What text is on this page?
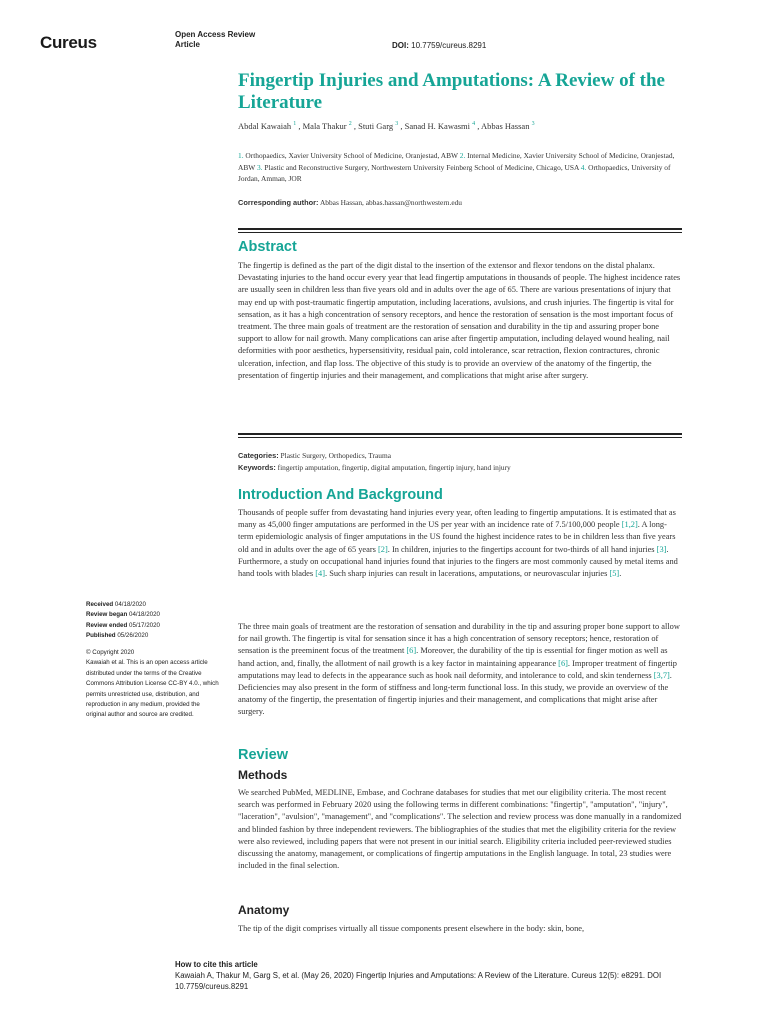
Cureus	Open Access Review
Article	DOI: 10.7759/cureus.8291
Fingertip Injuries and Amputations: A Review of the Literature
Abdal Kawaiah $^1$ , Mala Thakur $^2$ , Stuti Garg $^3$ , Sanad H. Kawasmi $^4$ , Abbas Hassan $^3$
1. Orthopaedics, Xavier University School of Medicine, Oranjestad, ABW 2. Internal Medicine, Xavier University School of Medicine, Oranjestad, ABW 3. Plastic and Reconstructive Surgery, Northwestern University Feinberg School of Medicine, Chicago, USA 4. Orthopaedics, University of Jordan, Amman, JOR
Corresponding author: Abbas Hassan, abbas.hassan@northwestern.edu
Abstract
The fingertip is defined as the part of the digit distal to the insertion of the extensor and flexor tendons on the distal phalanx. Devastating injuries to the hand occur every year that lead fingertip amputations in thousands of people. The highest incidence rates are usually seen in children less than five years old and in adults over the age of 65. There are various presentations of injury that may end up with post-traumatic fingertip amputation, including lacerations, avulsions, and crush injuries. The fingertip is vital for sensation, as it has a high concentration of sensory receptors, and hence the restoration of sensation is the most important focus of treatment. The three main goals of treatment are the restoration of sensation and durability in the tip and assuring proper bone support to allow for nail growth. Many complications can arise after fingertip amputation, including delayed wound healing, nail deformities with poor aesthetics, hypersensitivity, residual pain, cold intolerance, scar retraction, flexion contractures, chronic ulceration, infection, and flap loss. The objective of this study is to provide an overview of the anatomy of the fingertip, the presentation of fingertip injuries and their management, and complications that might arise after surgery.
Categories: Plastic Surgery, Orthopedics, Trauma
Keywords: fingertip amputation, fingertip, digital amputation, fingertip injury, hand injury
Introduction And Background
Thousands of people suffer from devastating hand injuries every year, often leading to fingertip amputations. It is estimated that as many as 45,000 finger amputations are performed in the US per year with an incidence rate of 7.5/100,000 people [1,2]. A long-term epidemiologic analysis of finger amputations in the US found the highest incidence rates to be in children less than five years old and in adults over the age of 65 years [2]. In children, injuries to the fingertips account for two-thirds of all hand injuries [3]. Furthermore, a study on occupational hand injuries found that injuries to the fingers are most commonly caused by metal items and hand tools with blades [4]. Such sharp injuries can result in lacerations, amputations, or neurovascular injuries [5].
The three main goals of treatment are the restoration of sensation and durability in the tip and assuring proper bone support to allow for nail growth. The fingertip is vital for sensation since it has a high concentration of sensory receptors; hence, restoration of sensation is the preeminent focus of the treatment [6]. Moreover, the durability of the tip is essential for finger motion as well as hand action, and, finally, the allotment of nail growth is a key factor in maintaining appearance [6]. Improper treatment of fingertip amputations may lead to defects in the appearance such as hook nail deformity, and intolerance to cold, and skin tenderness [3,7]. Deficiencies may also present in the form of stiffness and long-term functional loss. In this study, we provide an overview of the anatomy of the fingertip, the presentation of fingertip injuries and their management, and complications that might arise after surgery.
Review
Methods
We searched PubMed, MEDLINE, Embase, and Cochrane databases for studies that met our eligibility criteria. The most recent search was performed in February 2020 using the following terms in different combinations: "fingertip", "amputation", "injury", "laceration", "avulsion", "management", and "complications". The selection and review process was done manually in a randomized and blinded fashion by three independent reviewers. The bibliographies of the studies that met the eligibility criteria for the review were also reviewed, including papers that were not present in our initial search. Eligibility criteria included peer-reviewed studies discussing the anatomy, management, or complications of fingertip amputations in the English language. In total, 23 studies were included in the final selection.
Anatomy
The tip of the digit comprises virtually all tissue components present elsewhere in the body: skin, bone,
Received 04/18/2020
Review began 04/18/2020
Review ended 05/17/2020
Published 05/26/2020
© Copyright 2020
Kawaiah et al. This is an open access article distributed under the terms of the Creative Commons Attribution License CC-BY 4.0., which permits unrestricted use, distribution, and reproduction in any medium, provided the original author and source are credited.
How to cite this article
Kawaiah A, Thakur M, Garg S, et al. (May 26, 2020) Fingertip Injuries and Amputations: A Review of the Literature. Cureus 12(5): e8291. DOI 10.7759/cureus.8291
